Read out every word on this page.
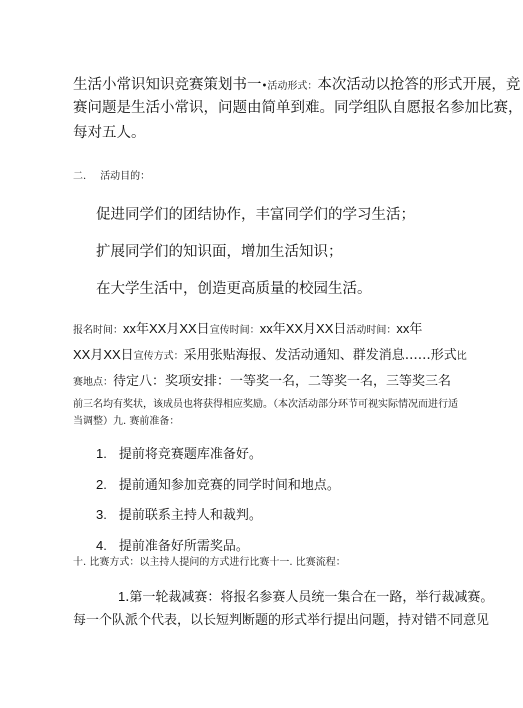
生活小常识知识竞赛策划书一•活动形式：本次活动以抢答的形式开展，竞
赛问题是生活小常识，问题由简单到难。同学组队自愿报名参加比赛，
每对五人。
二. 活动目的：
促进同学们的团结协作，丰富同学们的学习生活；
扩展同学们的知识面，增加生活知识；
在大学生活中，创造更高质量的校园生活。
报名时间：xx年XX月XX日宣传时间：xx年XX月XX日活动时间：xx年
XX月XX日宣传方式：采用张贴海报、发活动通知、群发消息……形式比
赛地点：待定八：奖项安排：一等奖一名，二等奖一名，三等奖三名
前三名均有奖状，该成员也将获得相应奖励。（本次活动部分环节可视实际情况而进行适
当调整）九. 赛前准备：
1. 提前将竞赛题库准备好。
2. 提前通知参加竞赛的同学时间和地点。
3. 提前联系主持人和裁判。
4. 提前准备好所需奖品。
十. 比赛方式：以主持人提问的方式进行比赛十一. 比赛流程：
1.第一轮裁减赛：将报名参赛人员统一集合在一路，举行裁减赛。
每一个队派个代表，以长短判断题的形式举行提出问题，持对错不同意见
